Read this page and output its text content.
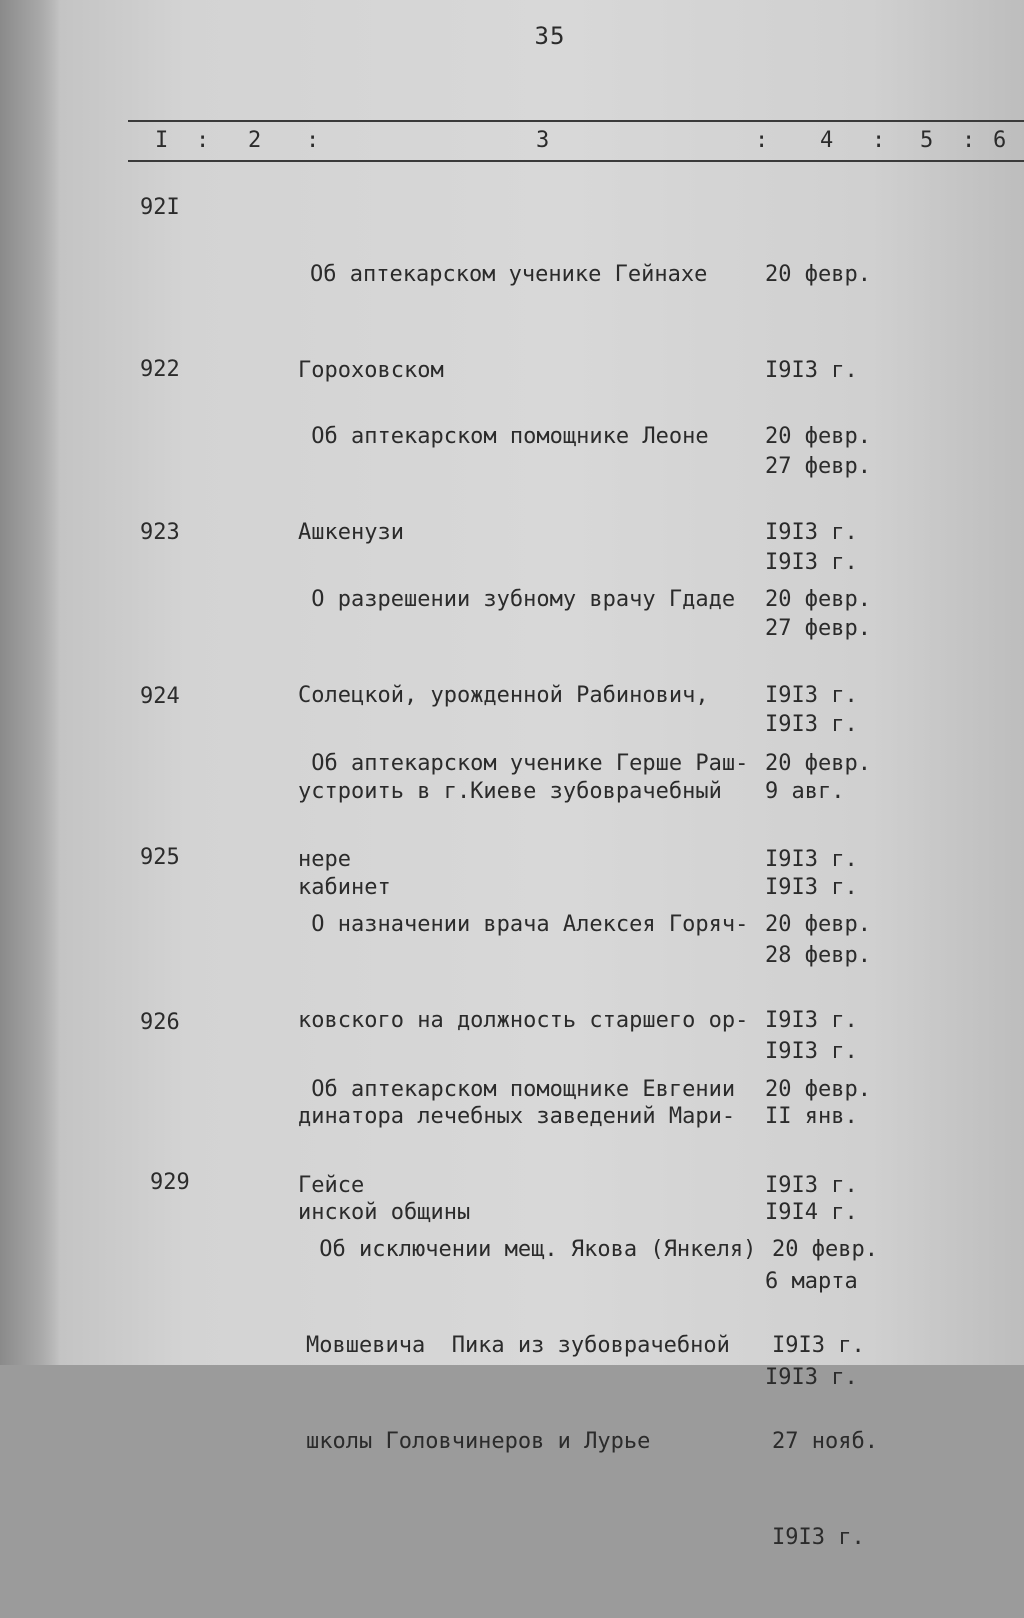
35
I : 2 :	3	: 4 : 5 : 6
92I

Об аптекарском ученике Гейнахе

Гороховском

20 февр.

I9I3 г.

27 февр.

I9I3 г.

922

Об аптекарском помощнике Леоне

Ашкенузи

20 февр.

I9I3 г.

27 февр.

I9I3 г.

923

О разрешении зубному врачу Гдаде

Солецкой, урожденной Рабинович,

устроить в г.Киеве зубоврачебный

кабинет

20 февр.

I9I3 г.

9 авг.

I9I3 г.

924

Об аптекарском ученике Герше Раш-

нере

20 февр.

I9I3 г.

28 февр.

I9I3 г.

925

О назначении врача Алексея Горяч-

ковского на должность старшего ор-

динатора лечебных заведений Мари-

инской общины

20 февр.

I9I3 г.

II янв.

I9I4 г.

926

Об аптекарском помощнике Евгении

Гейсе

20 февр.

I9I3 г.

6 марта

I9I3 г.

929

Об исключении мещ. Якова (Янкеля)

Мовшевича  Пика из зубоврачебной

школы Головчинеров и Лурье

20 февр.

I9I3 г.

27 нояб.

I9I3 г.
